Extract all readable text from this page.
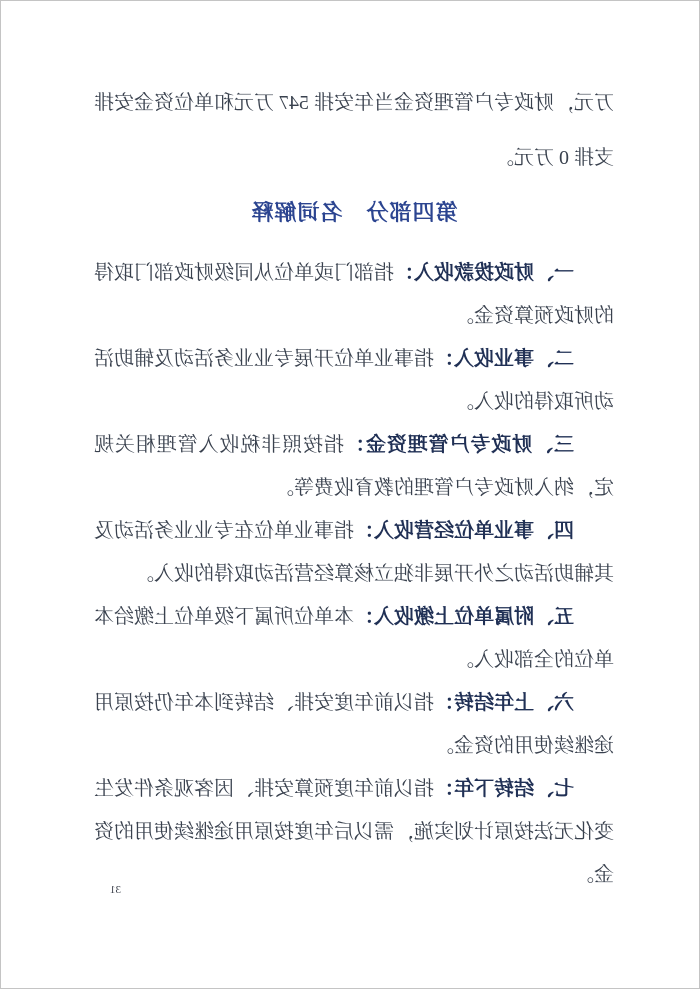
万元，财政专户管理资金当年安排 547 万元和单位资金安排

支排 0 万元。

第四部分　名词解释

一、财政拨款收入：指部门或单位从同级财政部门取得的财政预算资金。

二、事业收入：指事业单位开展专业业务活动及辅助活动所取得的收入。

三、财政专户管理资金：指按照非税收入管理相关规定，纳入财政专户管理的教育收费等。

四、事业单位经营收入：指事业单位在专业业务活动及其辅助活动之外开展非独立核算经营活动取得的收入。

五、附属单位上缴收入：本单位所属下级单位上缴给本单位的全部收入。

六、上年结转：指以前年度安排、结转到本年仍按原用途继续使用的资金。

七、结转下年：指以前年度预算安排、因客观条件发生变化无法按原计划实施，需以后年度按原用途继续使用的资金。

31
